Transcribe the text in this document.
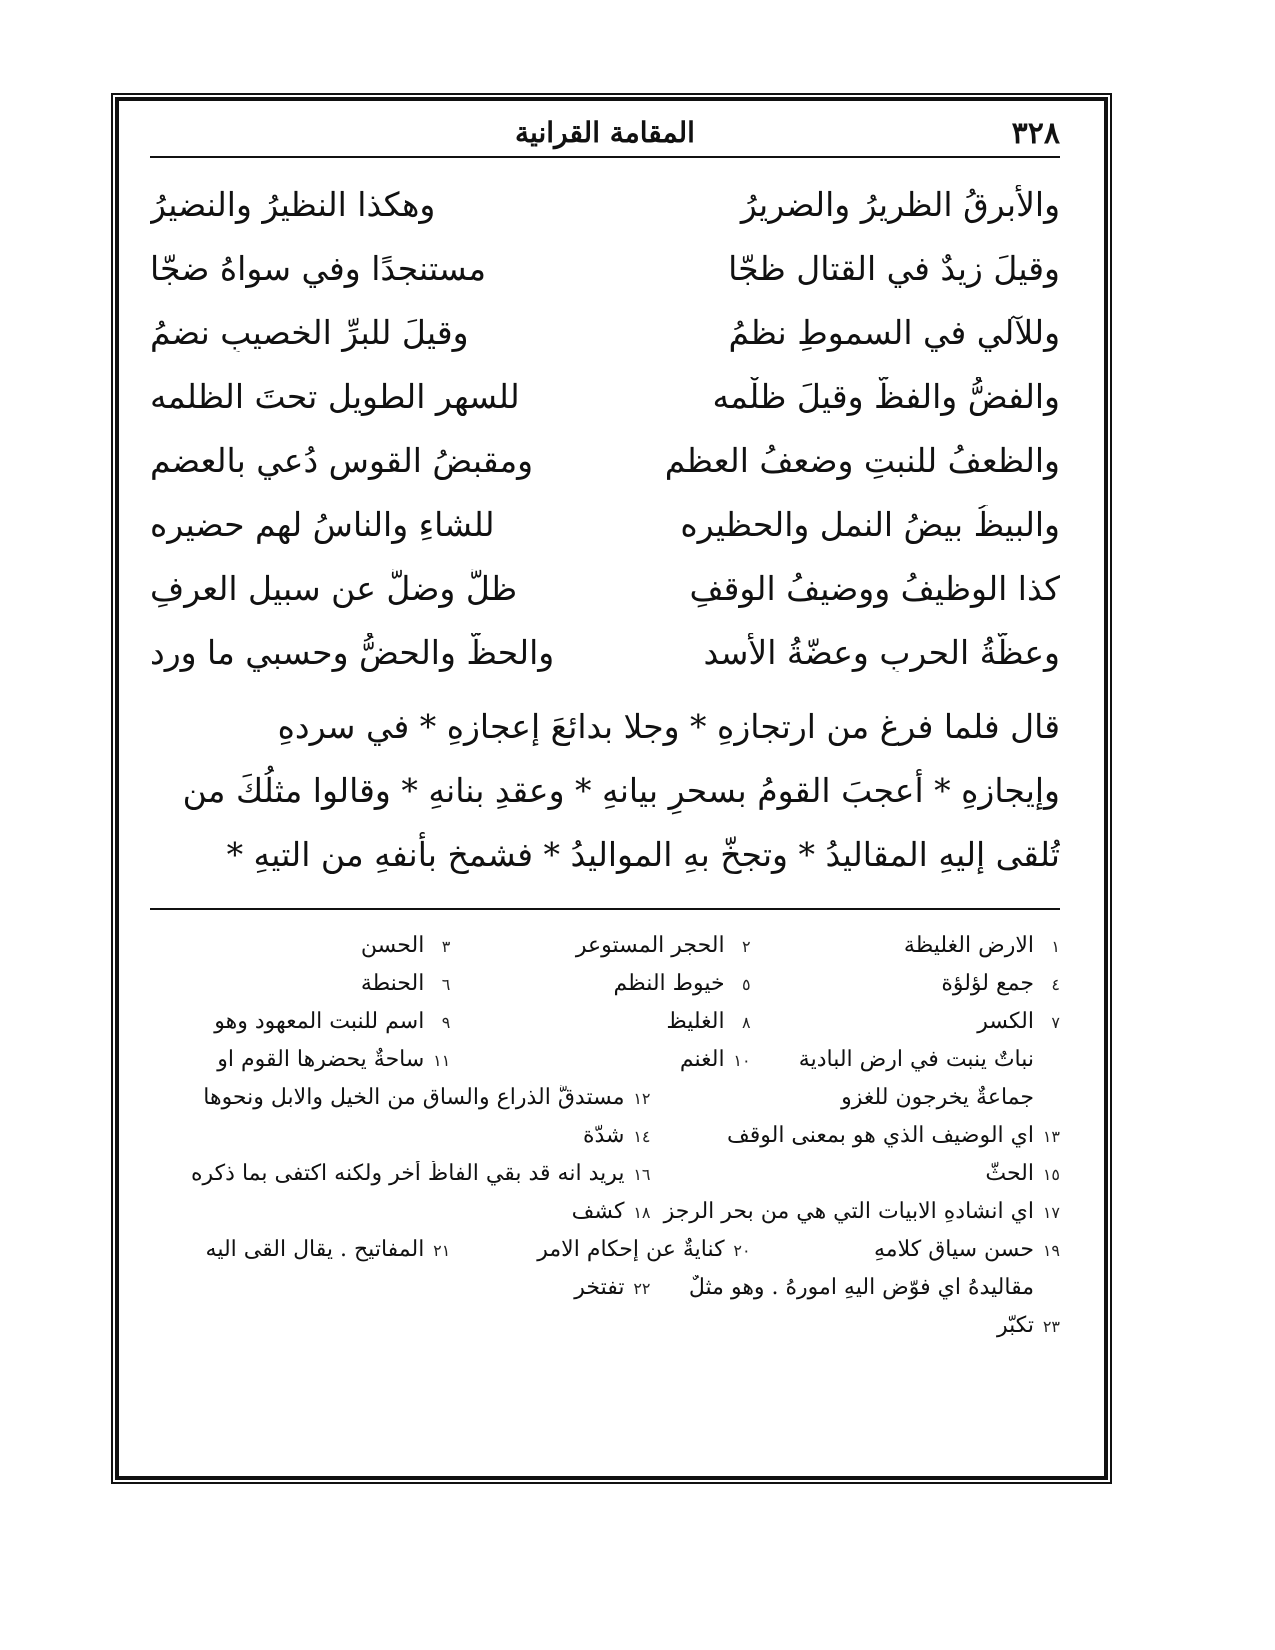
٣٢٨
المقامة القرانية
والأبرقُ الظريرُ والضريرُ
وهكذا النظيرُ والنضيرُ
وقيلَ زيدٌ في القتالِ ظجّا
مستنجدًا وفي سواهُ ضجّا
وللآلي في السموطِ نظمُ
وقيلَ للبرِّ الخصيبِ نضمُ
والفضُّ والفظُّ وقيلَ ظلْمه
للسهرِ الطويلِ تحتَ الظلمه
والظعفُ للنبتِ وضعفُ العظمِ
ومقبضُ القوسِ دُعي بالعضمِ
والبيظُ بيضُ النملِ والحظيره
للشاءِ والناسُ لهم حضيره
كذا الوظيفُ ووضيفُ الوقفِ
ظلَّ وضلَّ عن سبيلِ العرفِ
وعظّةُ الحربِ وعضّةُ الأسد
والحظُّ والحضُّ وحسبي ما ورد
قال فلما فرغ من ارتجازهِ * وجلا بدائعَ إعجازهِ * في سردهِ
وإيجازهِ * أعجبَ القومُ بسحرِ بيانهِ * وعقدِ بنانهِ * وقالوا مثلُكَ من
تُلقى إليهِ المقاليدُ * وتجخّ بهِ المواليدُ * فشمخ بأنفهِ من التيهِ *
١الارض الغليظة
٢الحجر المستوعر
٣الحسن
٤جمع لؤلؤة
٥خيوط النظم
٦الحنطة
٧الكسر
٨الغليظ
٩اسم للنبت المعهود وهو
نباتٌ ينبت في ارض البادية
١٠الغنم
١١ساحةٌ يحضرها القوم او
جماعةٌ يخرجون للغزو
١٢مستدقُّ الذراع والساق من الخيل والابل ونحوها
١٣اي الوضيف الذي هو بمعنى الوقف
١٤شدّة
١٥الحثّ
١٦يريد انه قد بقي الفاظٌ أخر ولكنه اكتفى بما ذكره
١٧اي انشادهِ الابيات التي هي من بحر الرجز
١٨كشف
١٩حسن سياق كلامهِ
٢٠كنايةٌ عن إحكام الامر
٢١المفاتيح . يقال القى اليه
مقاليدهُ اي فوّض اليهِ امورهُ . وهو مثلٌ
٢٢تفتخر
٢٣تكبّر
